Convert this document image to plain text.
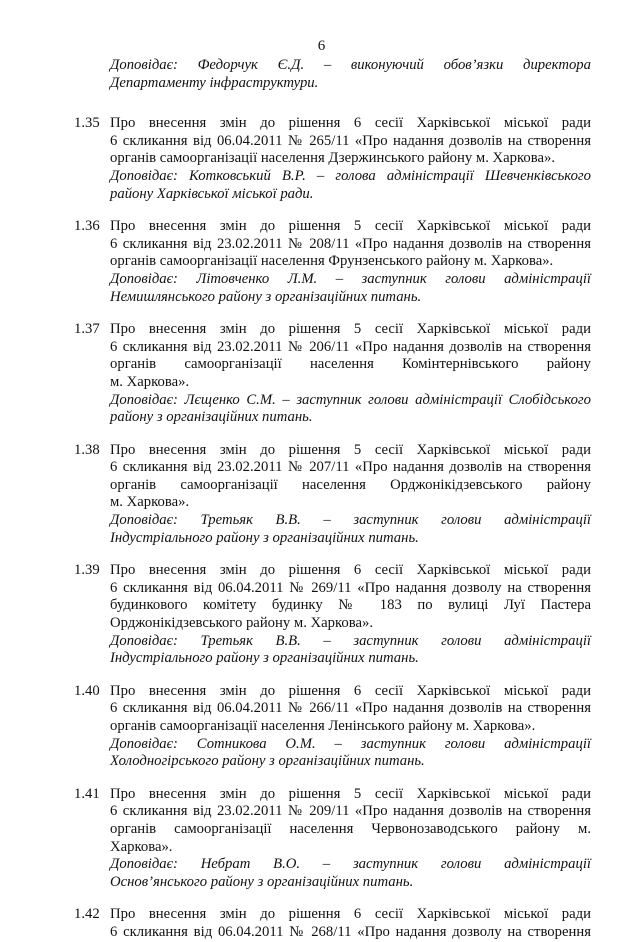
6
Доповідає: Федорчук Є.Д. – виконуючий обов’язки директора
Департаменту інфраструктури.
1.35 Про внесення змін до рішення 6 сесії Харківської міської ради
6 скликання від 06.04.2011 № 265/11 «Про надання дозволів на створення
органів самоорганізації населення Дзержинського району м. Харкова».
Доповідає: Котковський В.Р. – голова адміністрації Шевченківського
району Харківської міської ради.
1.36 Про внесення змін до рішення 5 сесії Харківської міської ради
6 скликання від 23.02.2011 № 208/11 «Про надання дозволів на створення
органів самоорганізації населення Фрунзенського району м. Харкова».
Доповідає: Літовченко Л.М. – заступник голови адміністрації
Немишлянського району з організаційних питань.
1.37 Про внесення змін до рішення 5 сесії Харківської міської ради
6 скликання від 23.02.2011 № 206/11 «Про надання дозволів на створення
органів самоорганізації населення Комінтернівського району
м. Харкова».
Доповідає: Лєщенко С.М. – заступник голови адміністрації Слобідського
району з організаційних питань.
1.38 Про внесення змін до рішення 5 сесії Харківської міської ради
6 скликання від 23.02.2011 № 207/11 «Про надання дозволів на створення
органів самоорганізації населення Орджонікідзевського району
м. Харкова».
Доповідає: Третьяк В.В. – заступник голови адміністрації
Індустріального району з організаційних питань.
1.39 Про внесення змін до рішення 6 сесії Харківської міської ради
6 скликання від 06.04.2011 № 269/11 «Про надання дозволу на створення
будинкового комітету будинку № 183 по вулиці Луї Пастера
Орджонікідзевського району м. Харкова».
Доповідає: Третьяк В.В. – заступник голови адміністрації
Індустріального району з організаційних питань.
1.40 Про внесення змін до рішення 6 сесії Харківської міської ради
6 скликання від 06.04.2011 № 266/11 «Про надання дозволів на створення
органів самоорганізації населення Ленінського району м. Харкова».
Доповідає: Сотникова О.М. – заступник голови адміністрації
Холодногірського району з організаційних питань.
1.41 Про внесення змін до рішення 5 сесії Харківської міської ради
6 скликання від 23.02.2011 № 209/11 «Про надання дозволів на створення
органів самоорганізації населення Червонозаводського району м.
Харкова».
Доповідає: Небрат В.О. – заступник голови адміністрації
Основ’янського району з організаційних питань.
1.42 Про внесення змін до рішення 6 сесії Харківської міської ради
6 скликання від 06.04.2011 № 268/11 «Про надання дозволу на створення
